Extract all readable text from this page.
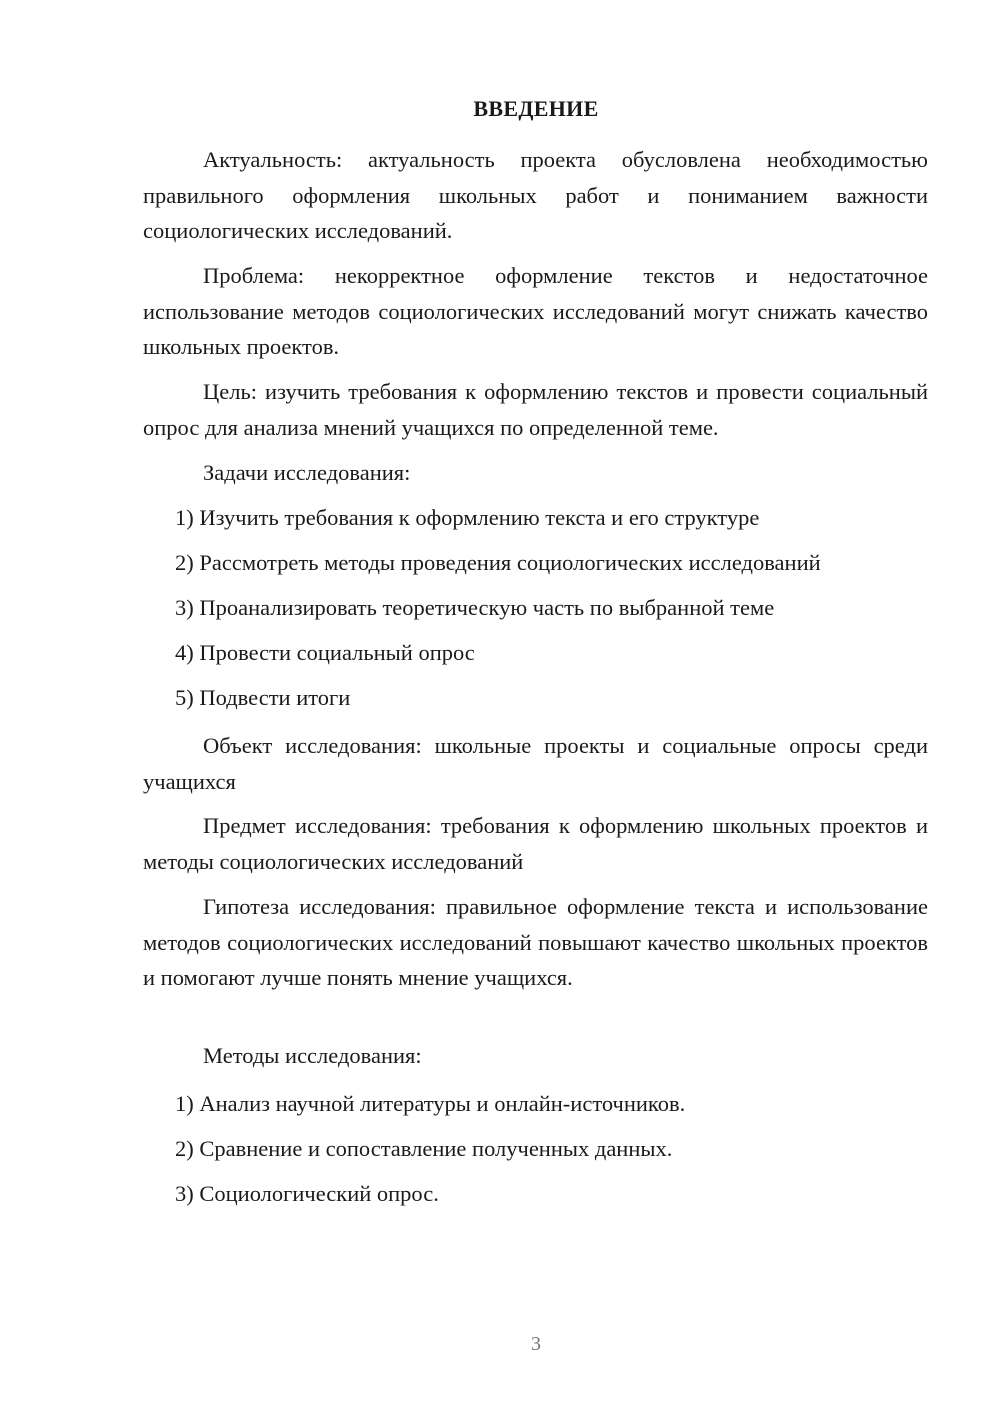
ВВЕДЕНИЕ

Актуальность: актуальность проекта обусловлена необходимостью правильного оформления школьных работ и пониманием важности социологических исследований.

Проблема: некорректное оформление текстов и недостаточное использование методов социологических исследований могут снижать качество школьных проектов.

Цель: изучить требования к оформлению текстов и провести социальный опрос для анализа мнений учащихся по определенной теме.

Задачи исследования:

1) Изучить требования к оформлению текста и его структуре

2) Рассмотреть методы проведения социологических исследований

3) Проанализировать теоретическую часть по выбранной теме

4) Провести социальный опрос

5) Подвести итоги

Объект исследования: школьные проекты и социальные опросы среди учащихся

Предмет исследования: требования к оформлению школьных проектов и методы социологических исследований

Гипотеза исследования: правильное оформление текста и использование методов социологических исследований повышают качество школьных проектов и помогают лучше понять мнение учащихся.

Методы исследования:

1) Анализ научной литературы и онлайн-источников.

2) Сравнение и сопоставление полученных данных.

3) Социологический опрос.

3
